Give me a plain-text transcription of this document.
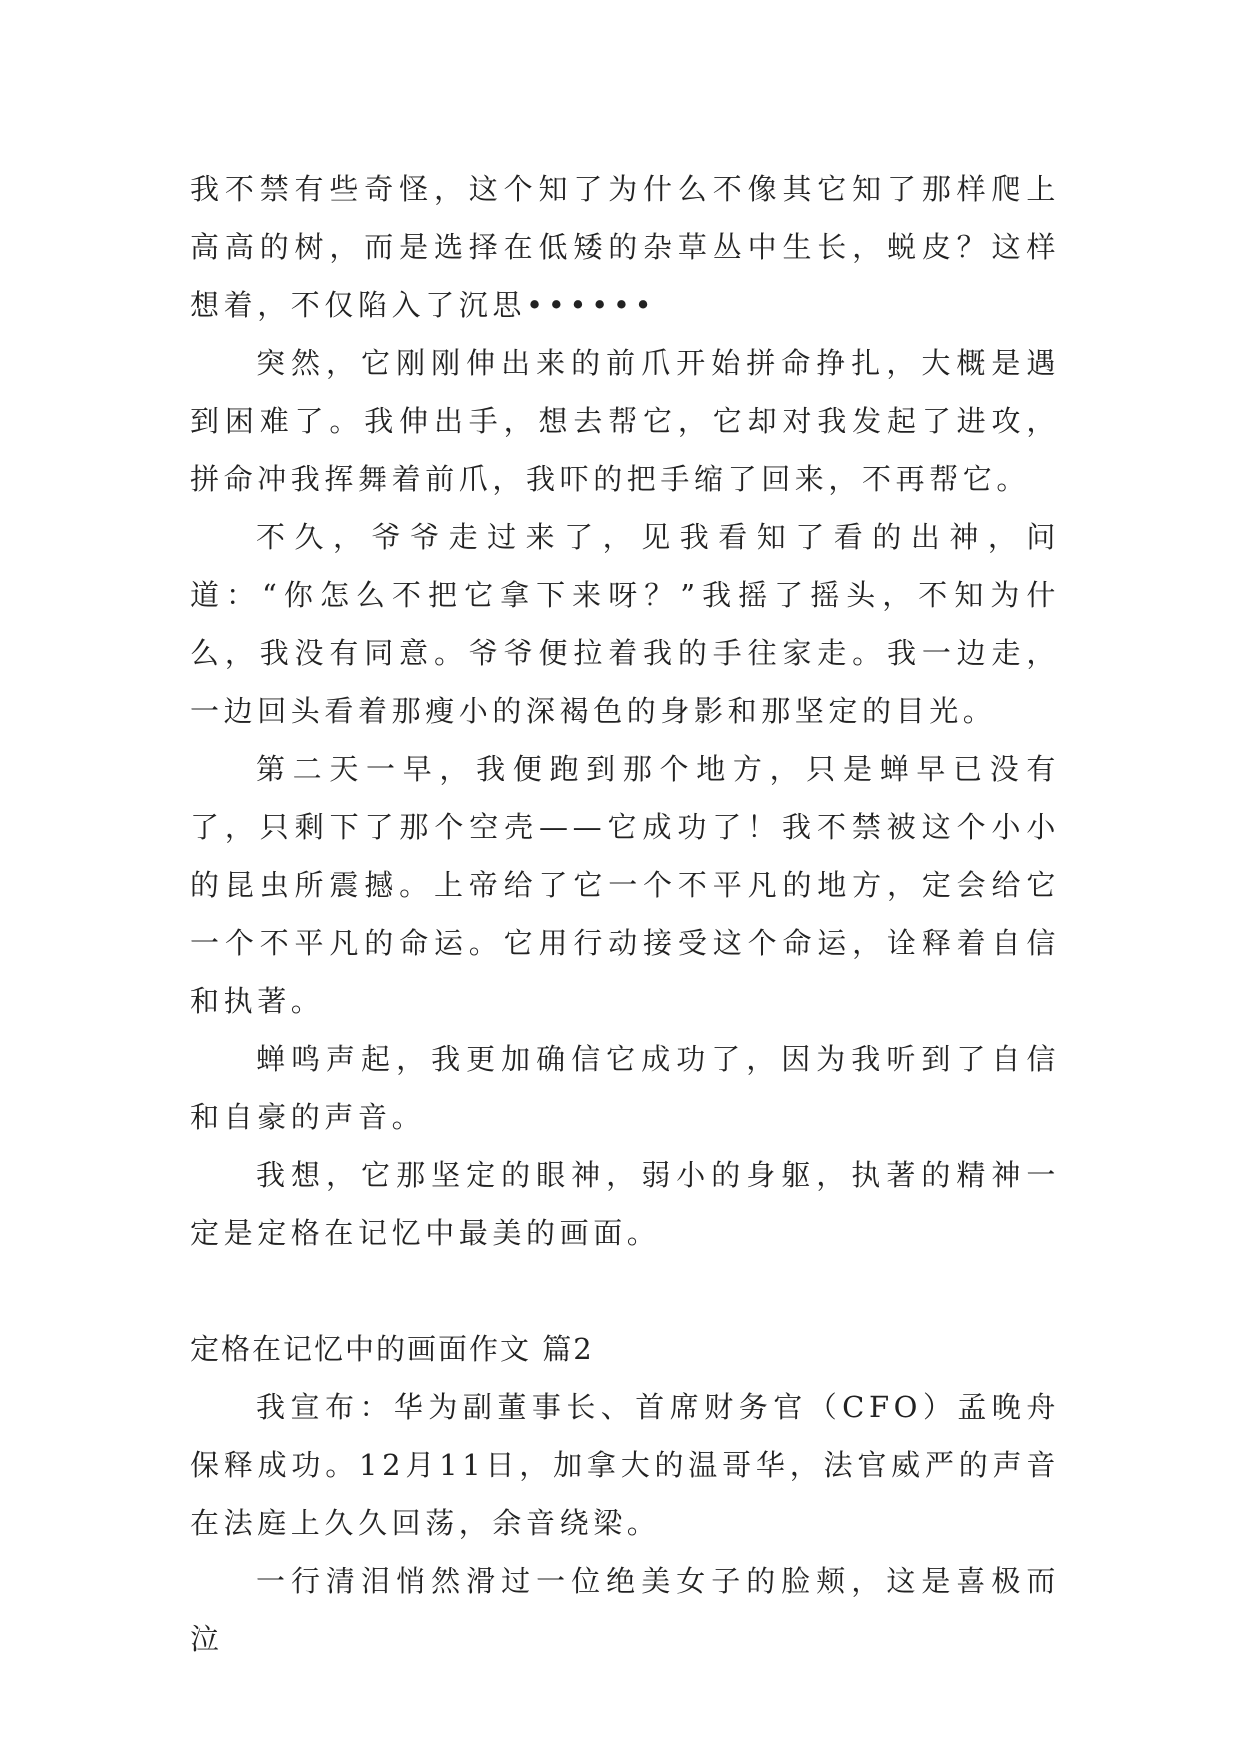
我不禁有些奇怪，这个知了为什么不像其它知了那样爬上高高的树，而是选择在低矮的杂草丛中生长，蜕皮？这样想着，不仅陷入了沉思••••••

突然，它刚刚伸出来的前爪开始拼命挣扎，大概是遇到困难了。我伸出手，想去帮它，它却对我发起了进攻，拼命冲我挥舞着前爪，我吓的把手缩了回来，不再帮它。

不久，爷爷走过来了，见我看知了看的出神，问道：“你怎么不把它拿下来呀？”我摇了摇头，不知为什么，我没有同意。爷爷便拉着我的手往家走。我一边走，一边回头看着那瘦小的深褐色的身影和那坚定的目光。

第二天一早，我便跑到那个地方，只是蝉早已没有了，只剩下了那个空壳——它成功了！我不禁被这个小小的昆虫所震撼。上帝给了它一个不平凡的地方，定会给它一个不平凡的命运。它用行动接受这个命运，诠释着自信和执著。

蝉鸣声起，我更加确信它成功了，因为我听到了自信和自豪的声音。

我想，它那坚定的眼神，弱小的身躯，执著的精神一定是定格在记忆中最美的画面。

定格在记忆中的画面作文 篇2

我宣布：华为副董事长、首席财务官（CFO）孟晚舟保释成功。12月11日，加拿大的温哥华，法官威严的声音在法庭上久久回荡，余音绕梁。

一行清泪悄然滑过一位绝美女子的脸颊，这是喜极而泣
